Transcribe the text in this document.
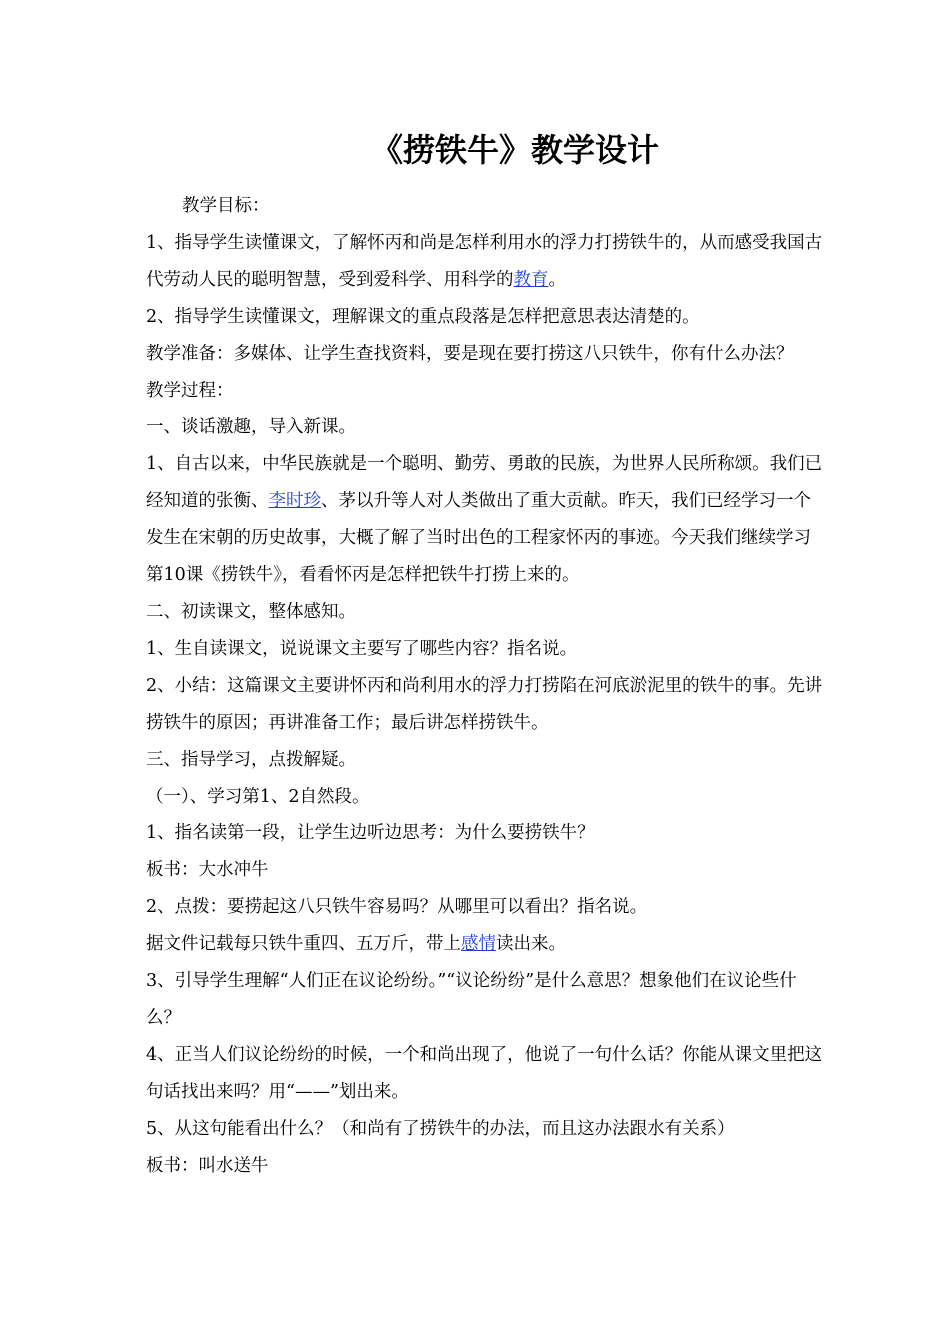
《捞铁牛》教学设计

教学目标：

1、指导学生读懂课文，了解怀丙和尚是怎样利用水的浮力打捞铁牛的，从而感受我国古代劳动人民的聪明智慧，受到爱科学、用科学的教育。

2、指导学生读懂课文，理解课文的重点段落是怎样把意思表达清楚的。

教学准备：多媒体、让学生查找资料，要是现在要打捞这八只铁牛，你有什么办法？

教学过程：

一、谈话激趣，导入新课。

1、自古以来，中华民族就是一个聪明、勤劳、勇敢的民族，为世界人民所称颂。我们已经知道的张衡、李时珍、茅以升等人对人类做出了重大贡献。昨天，我们已经学习一个发生在宋朝的历史故事，大概了解了当时出色的工程家怀丙的事迹。今天我们继续学习第10课《捞铁牛》，看看怀丙是怎样把铁牛打捞上来的。

二、初读课文，整体感知。

1、生自读课文，说说课文主要写了哪些内容？指名说。

2、小结：这篇课文主要讲怀丙和尚利用水的浮力打捞陷在河底淤泥里的铁牛的事。先讲捞铁牛的原因；再讲准备工作；最后讲怎样捞铁牛。

三、指导学习，点拨解疑。

（一）、学习第1、2自然段。

1、指名读第一段，让学生边听边思考：为什么要捞铁牛？

板书：大水冲牛

2、点拨：要捞起这八只铁牛容易吗？从哪里可以看出？指名说。

据文件记载每只铁牛重四、五万斤，带上感情读出来。

3、引导学生理解“人们正在议论纷纷。”“议论纷纷”是什么意思？想象他们在议论些什么？

4、正当人们议论纷纷的时候，一个和尚出现了，他说了一句什么话？你能从课文里把这句话找出来吗？用“——”划出来。

5、从这句能看出什么？（和尚有了捞铁牛的办法，而且这办法跟水有关系）

板书：叫水送牛
